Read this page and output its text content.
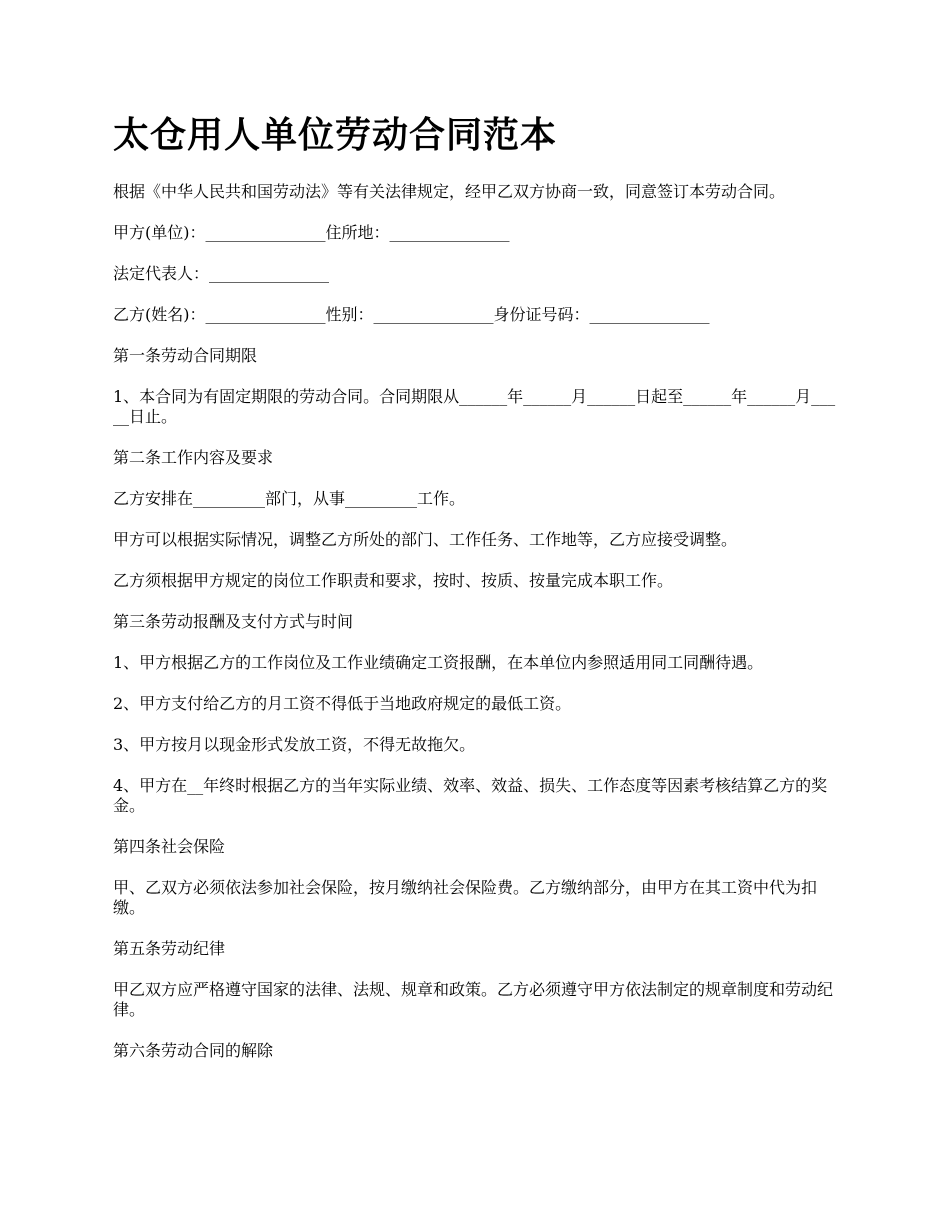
太仓用人单位劳动合同范本

根据《中华人民共和国劳动法》等有关法律规定，经甲乙双方协商一致，同意签订本劳动合同。

甲方(单位)：_______________住所地：_______________

法定代表人：_______________

乙方(姓名)：_______________性别：_______________身份证号码：_______________

第一条劳动合同期限

1、本合同为有固定期限的劳动合同。合同期限从______年______月______日起至______年______月_____日止。

第二条工作内容及要求

乙方安排在_________部门，从事_________工作。

甲方可以根据实际情况，调整乙方所处的部门、工作任务、工作地等，乙方应接受调整。

乙方须根据甲方规定的岗位工作职责和要求，按时、按质、按量完成本职工作。

第三条劳动报酬及支付方式与时间

1、甲方根据乙方的工作岗位及工作业绩确定工资报酬，在本单位内参照适用同工同酬待遇。

2、甲方支付给乙方的月工资不得低于当地政府规定的最低工资。

3、甲方按月以现金形式发放工资，不得无故拖欠。

4、甲方在__年终时根据乙方的当年实际业绩、效率、效益、损失、工作态度等因素考核结算乙方的奖金。

第四条社会保险

甲、乙双方必须依法参加社会保险，按月缴纳社会保险费。乙方缴纳部分，由甲方在其工资中代为扣缴。

第五条劳动纪律

甲乙双方应严格遵守国家的法律、法规、规章和政策。乙方必须遵守甲方依法制定的规章制度和劳动纪律。

第六条劳动合同的解除
